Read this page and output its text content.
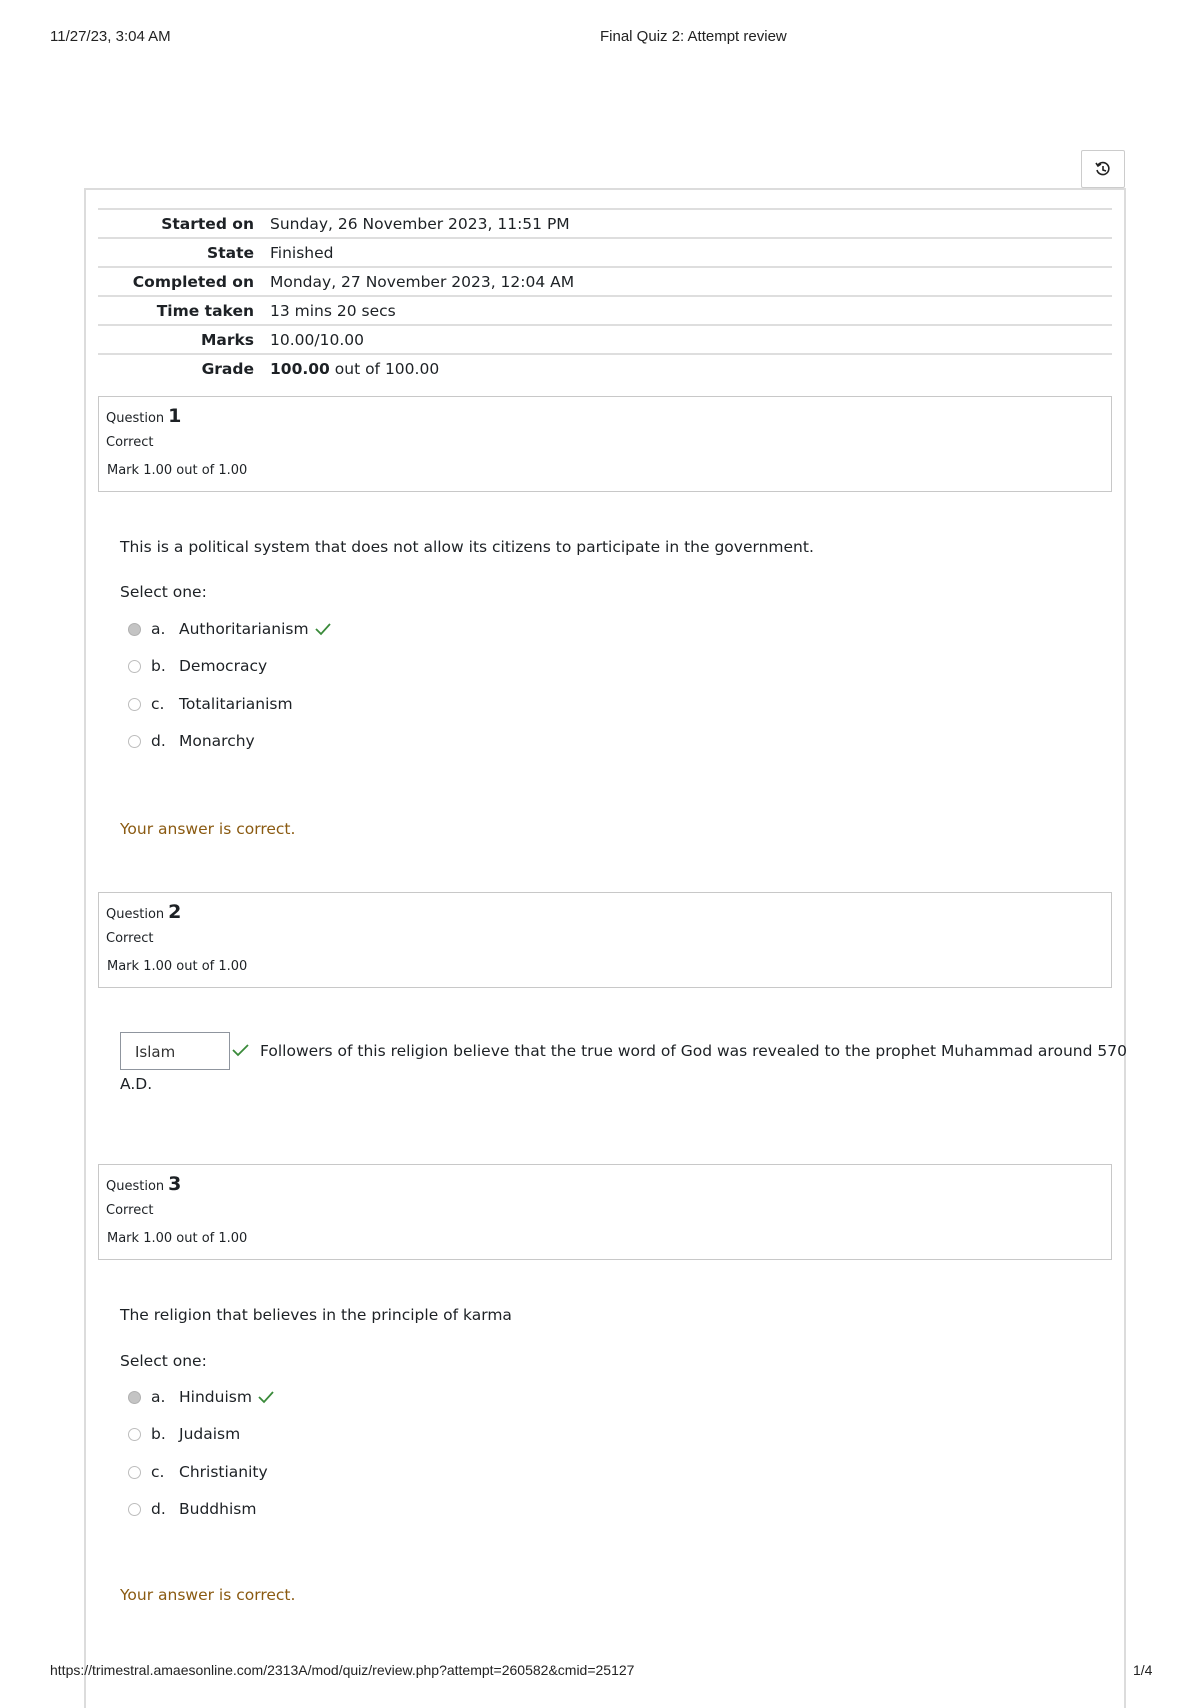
11/27/23, 3:04 AM	Final Quiz 2: Attempt review
Started on	Sunday, 26 November 2023, 11:51 PM
State	Finished
Completed on	Monday, 27 November 2023, 12:04 AM
Time taken	13 mins 20 secs
Marks	10.00/10.00
Grade	100.00 out of 100.00
Question 1
Correct
Mark 1.00 out of 1.00
This is a political system that does not allow its citizens to participate in the government.
Select one:
a. Authoritarianism
b. Democracy
c. Totalitarianism
d. Monarchy
Your answer is correct.
Question 2
Correct
Mark 1.00 out of 1.00
Islam	Followers of this religion believe that the true word of God was revealed to the prophet Muhammad around 570
A.D.
Question 3
Correct
Mark 1.00 out of 1.00
The religion that believes in the principle of karma
Select one:
a. Hinduism
b. Judaism
c. Christianity
d. Buddhism
Your answer is correct.
https://trimestral.amaesonline.com/2313A/mod/quiz/review.php?attempt=260582&cmid=25127	1/4
